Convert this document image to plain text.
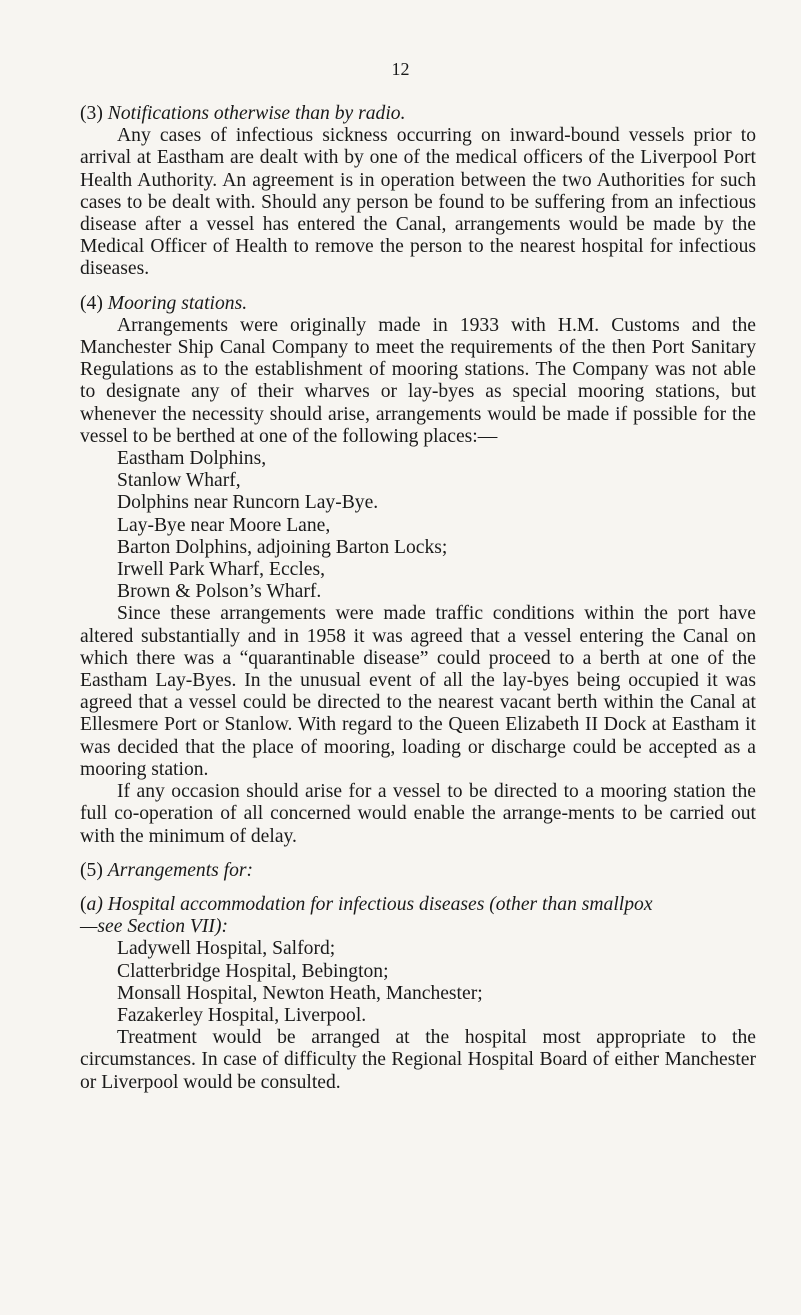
12
(3) Notifications otherwise than by radio.

Any cases of infectious sickness occurring on inward-bound vessels prior to arrival at Eastham are dealt with by one of the medical officers of the Liverpool Port Health Authority. An agreement is in operation between the two Authorities for such cases to be dealt with. Should any person be found to be suffering from an infectious disease after a vessel has entered the Canal, arrangements would be made by the Medical Officer of Health to remove the person to the nearest hospital for infectious diseases.

(4) Mooring stations.

Arrangements were originally made in 1933 with H.M. Customs and the Manchester Ship Canal Company to meet the requirements of the then Port Sanitary Regulations as to the establishment of mooring stations. The Company was not able to designate any of their wharves or lay-byes as special mooring stations, but whenever the necessity should arise, arrangements would be made if possible for the vessel to be berthed at one of the following places:—

Eastham Dolphins,
Stanlow Wharf,
Dolphins near Runcorn Lay-Bye.
Lay-Bye near Moore Lane,
Barton Dolphins, adjoining Barton Locks;
Irwell Park Wharf, Eccles,
Brown & Polson’s Wharf.

Since these arrangements were made traffic conditions within the port have altered substantially and in 1958 it was agreed that a vessel entering the Canal on which there was a “quarantinable disease” could proceed to a berth at one of the Eastham Lay-Byes. In the unusual event of all the lay-byes being occupied it was agreed that a vessel could be directed to the nearest vacant berth within the Canal at Ellesmere Port or Stanlow. With regard to the Queen Elizabeth II Dock at Eastham it was decided that the place of mooring, loading or discharge could be accepted as a mooring station.

If any occasion should arise for a vessel to be directed to a mooring station the full co-operation of all concerned would enable the arrange-ments to be carried out with the minimum of delay.

(5) Arrangements for:
(a) Hospital accommodation for infectious diseases (other than smallpox
—see Section VII):
Ladywell Hospital, Salford;
Clatterbridge Hospital, Bebington;
Monsall Hospital, Newton Heath, Manchester;
Fazakerley Hospital, Liverpool.

Treatment would be arranged at the hospital most appropriate to the circumstances. In case of difficulty the Regional Hospital Board of either Manchester or Liverpool would be consulted.
